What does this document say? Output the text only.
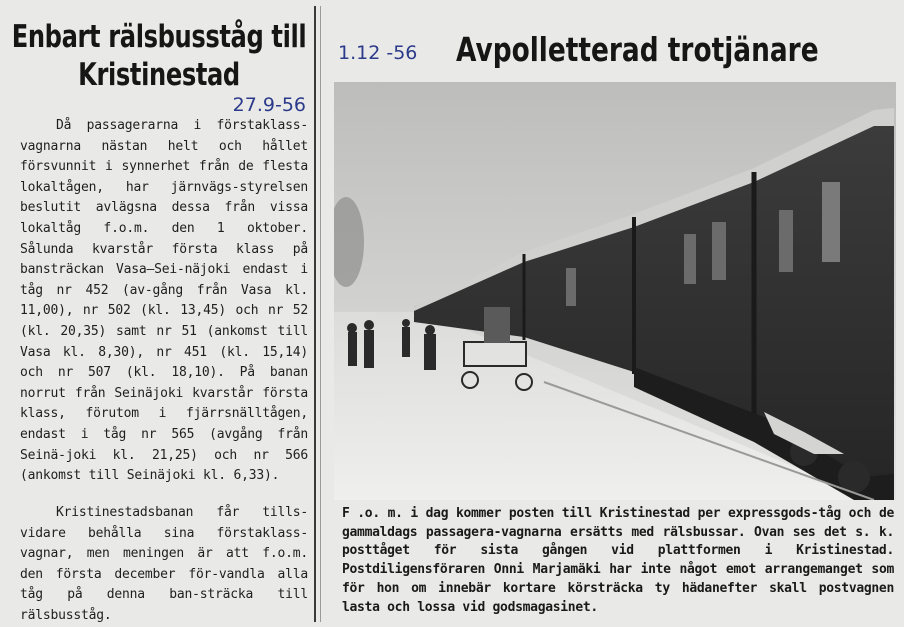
Enbart rälsbusståg till
Kristinestad
27.9-56
Då passagerarna i förstaklass-vagnarna nästan helt och hållet försvunnit i synnerhet från de flesta lokaltågen, har järnvägs-styrelsen beslutit avlägsna dessa från vissa lokaltåg f.o.m. den 1 oktober. Sålunda kvarstår första klass på bansträckan Vasa—Sei-näjoki endast i tåg nr 452 (av-gång från Vasa kl. 11,00), nr 502 (kl. 13,45) och nr 52 (kl. 20,35) samt nr 51 (ankomst till Vasa kl. 8,30), nr 451 (kl. 15,14) och nr 507 (kl. 18,10). På banan norrut från Seinäjoki kvarstår första klass, förutom i fjärrsnälltågen, endast i tåg nr 565 (avgång från Seinä-joki kl. 21,25) och nr 566 (ankomst till Seinäjoki kl. 6,33).
Kristinestadsbanan får tills-vidare behålla sina förstaklass-vagnar, men meningen är att f.o.m. den första december för-vandla alla tåg på denna ban-sträcka till rälsbusståg.
1.12 -56 Avpolletterad trotjänare
F .o. m. i dag kommer posten till Kristinestad per expressgods-tåg och de gammaldags passagera-vagnarna ersätts med rälsbussar. Ovan ses det s. k. posttåget för sista gången vid plattformen i Kristinestad. Postdiligensföraren Onni Marjamäki har inte något emot arrangemanget som för hon om innebär kortare körsträcka ty hädanefter skall postvagnen lasta och lossa vid godsmagasinet.
